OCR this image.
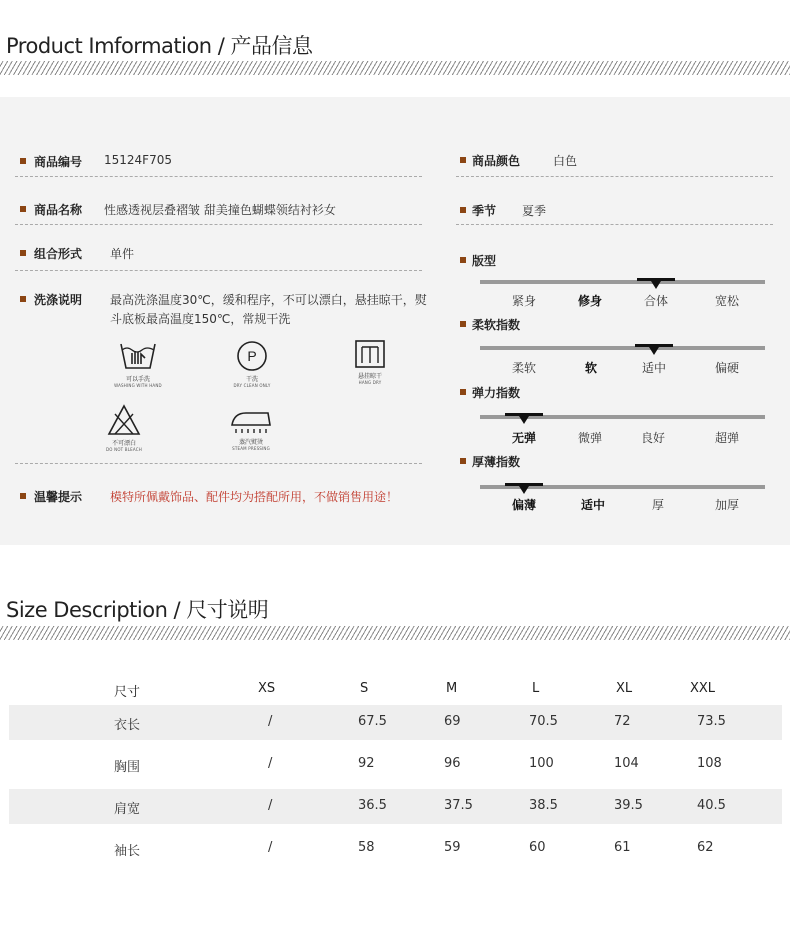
Product Imformation / 产品信息
商品编号 15124F705
商品名称 性感透视层叠褶皱 甜美撞色蝴蝶领结衬衫女
组合形式 单件
洗涤说明 最高洗涤温度30℃，缓和程序，不可以漂白，悬挂晾干，熨斗底板最高温度150℃，常规干洗
可以手洗
WASHING WITH HAND
P
干洗
DRY CLEAN ONLY
悬挂晾干
HANG DRY
不可漂白
DO NOT BLEACH
蒸汽熨烫
STEAM PRESSING
温馨提示 模特所佩戴饰品、配件均为搭配所用，不做销售用途！
商品颜色	白色
季节 夏季
版型
紧身	修身	合体	宽松
柔软指数
柔软	软	适中	偏硬
弹力指数
无弹	微弹	良好	超弹
厚薄指数
偏薄	适中	厚	加厚
Size Description / 尺寸说明
尺寸	XS	S	M	L	XL	XXL
衣长	/	67.5	69	70.5	72	73.5
胸围	/	92	96	100	104	108
肩宽	/	36.5	37.5	38.5	39.5	40.5
袖长	/	58	59	60	61	62
